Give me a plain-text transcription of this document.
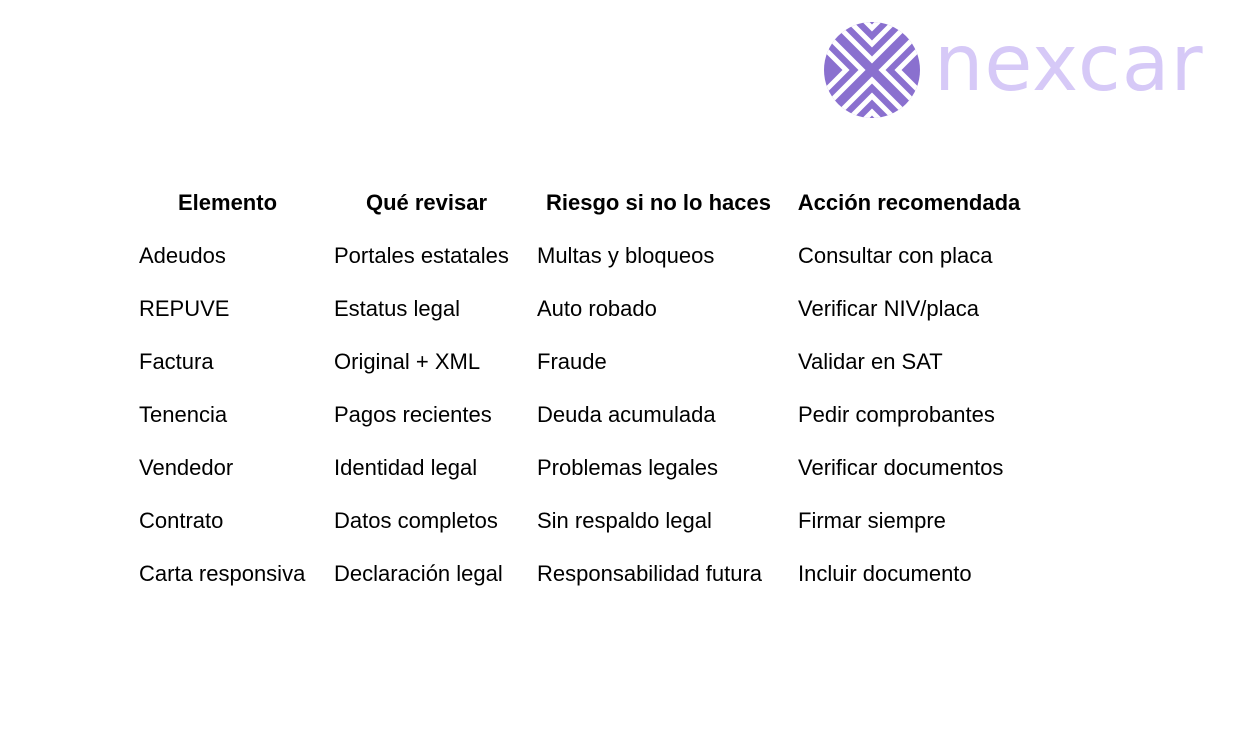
nexcar
Elemento	Qué revisar	Riesgo si no lo haces	Acción recomendada
Adeudos	Portales estatales	Multas y bloqueos	Consultar con placa
REPUVE	Estatus legal	Auto robado	Verificar NIV/placa
Factura	Original + XML	Fraude	Validar en SAT
Tenencia	Pagos recientes	Deuda acumulada	Pedir comprobantes
Vendedor	Identidad legal	Problemas legales	Verificar documentos
Contrato	Datos completos	Sin respaldo legal	Firmar siempre
Carta responsiva	Declaración legal	Responsabilidad futura	Incluir documento
